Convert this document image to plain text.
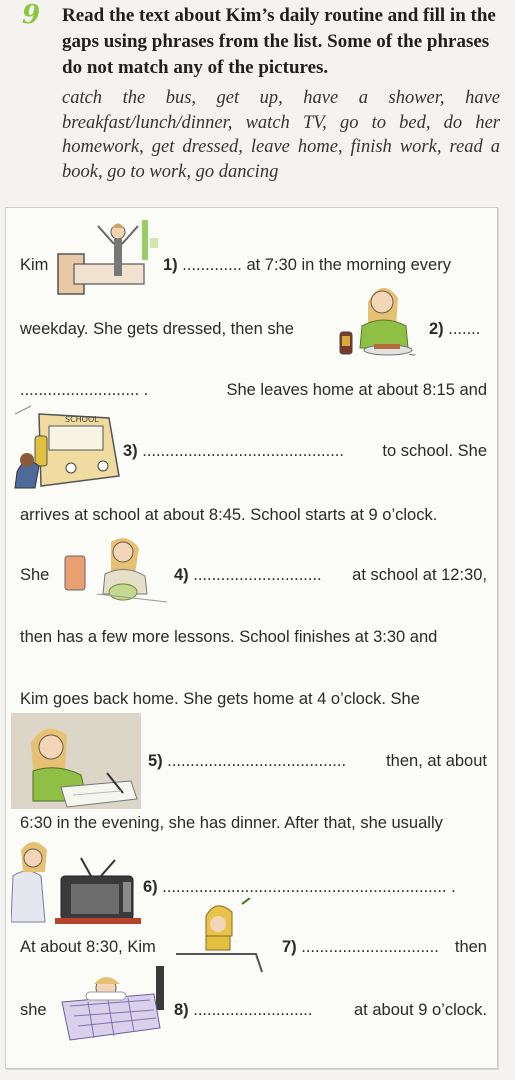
9 Read the text about Kim’s daily routine and fill in the gaps using phrases from the list. Some of the phrases do not match any of the pictures.
catch the bus, get up, have a shower, have breakfast/lunch/dinner, watch TV, go to bed, do her homework, get dressed, leave home, finish work, read a book, go to work, go dancing
Kim	1) ............. at 7:30 in the morning every
weekday. She gets dressed, then she
~
2) .......
.......................... .	She leaves home at about 8:15 and
SCHOOL
3) ............................................ to school. She
arrives at school at about 8:45. School starts at 9 o’clock.
She	4) ............................ at school at 12:30,
then has a few more lessons. School finishes at 3:30 and
Kim goes back home. She gets home at 4 o’clock. She
5) ....................................... then, at about
6:30 in the evening, she has dinner. After that, she usually
6) .............................................................. .
At about 8:30, Kim	7) .............................. then
she	8) ..........................	at about 9 o’clock.
